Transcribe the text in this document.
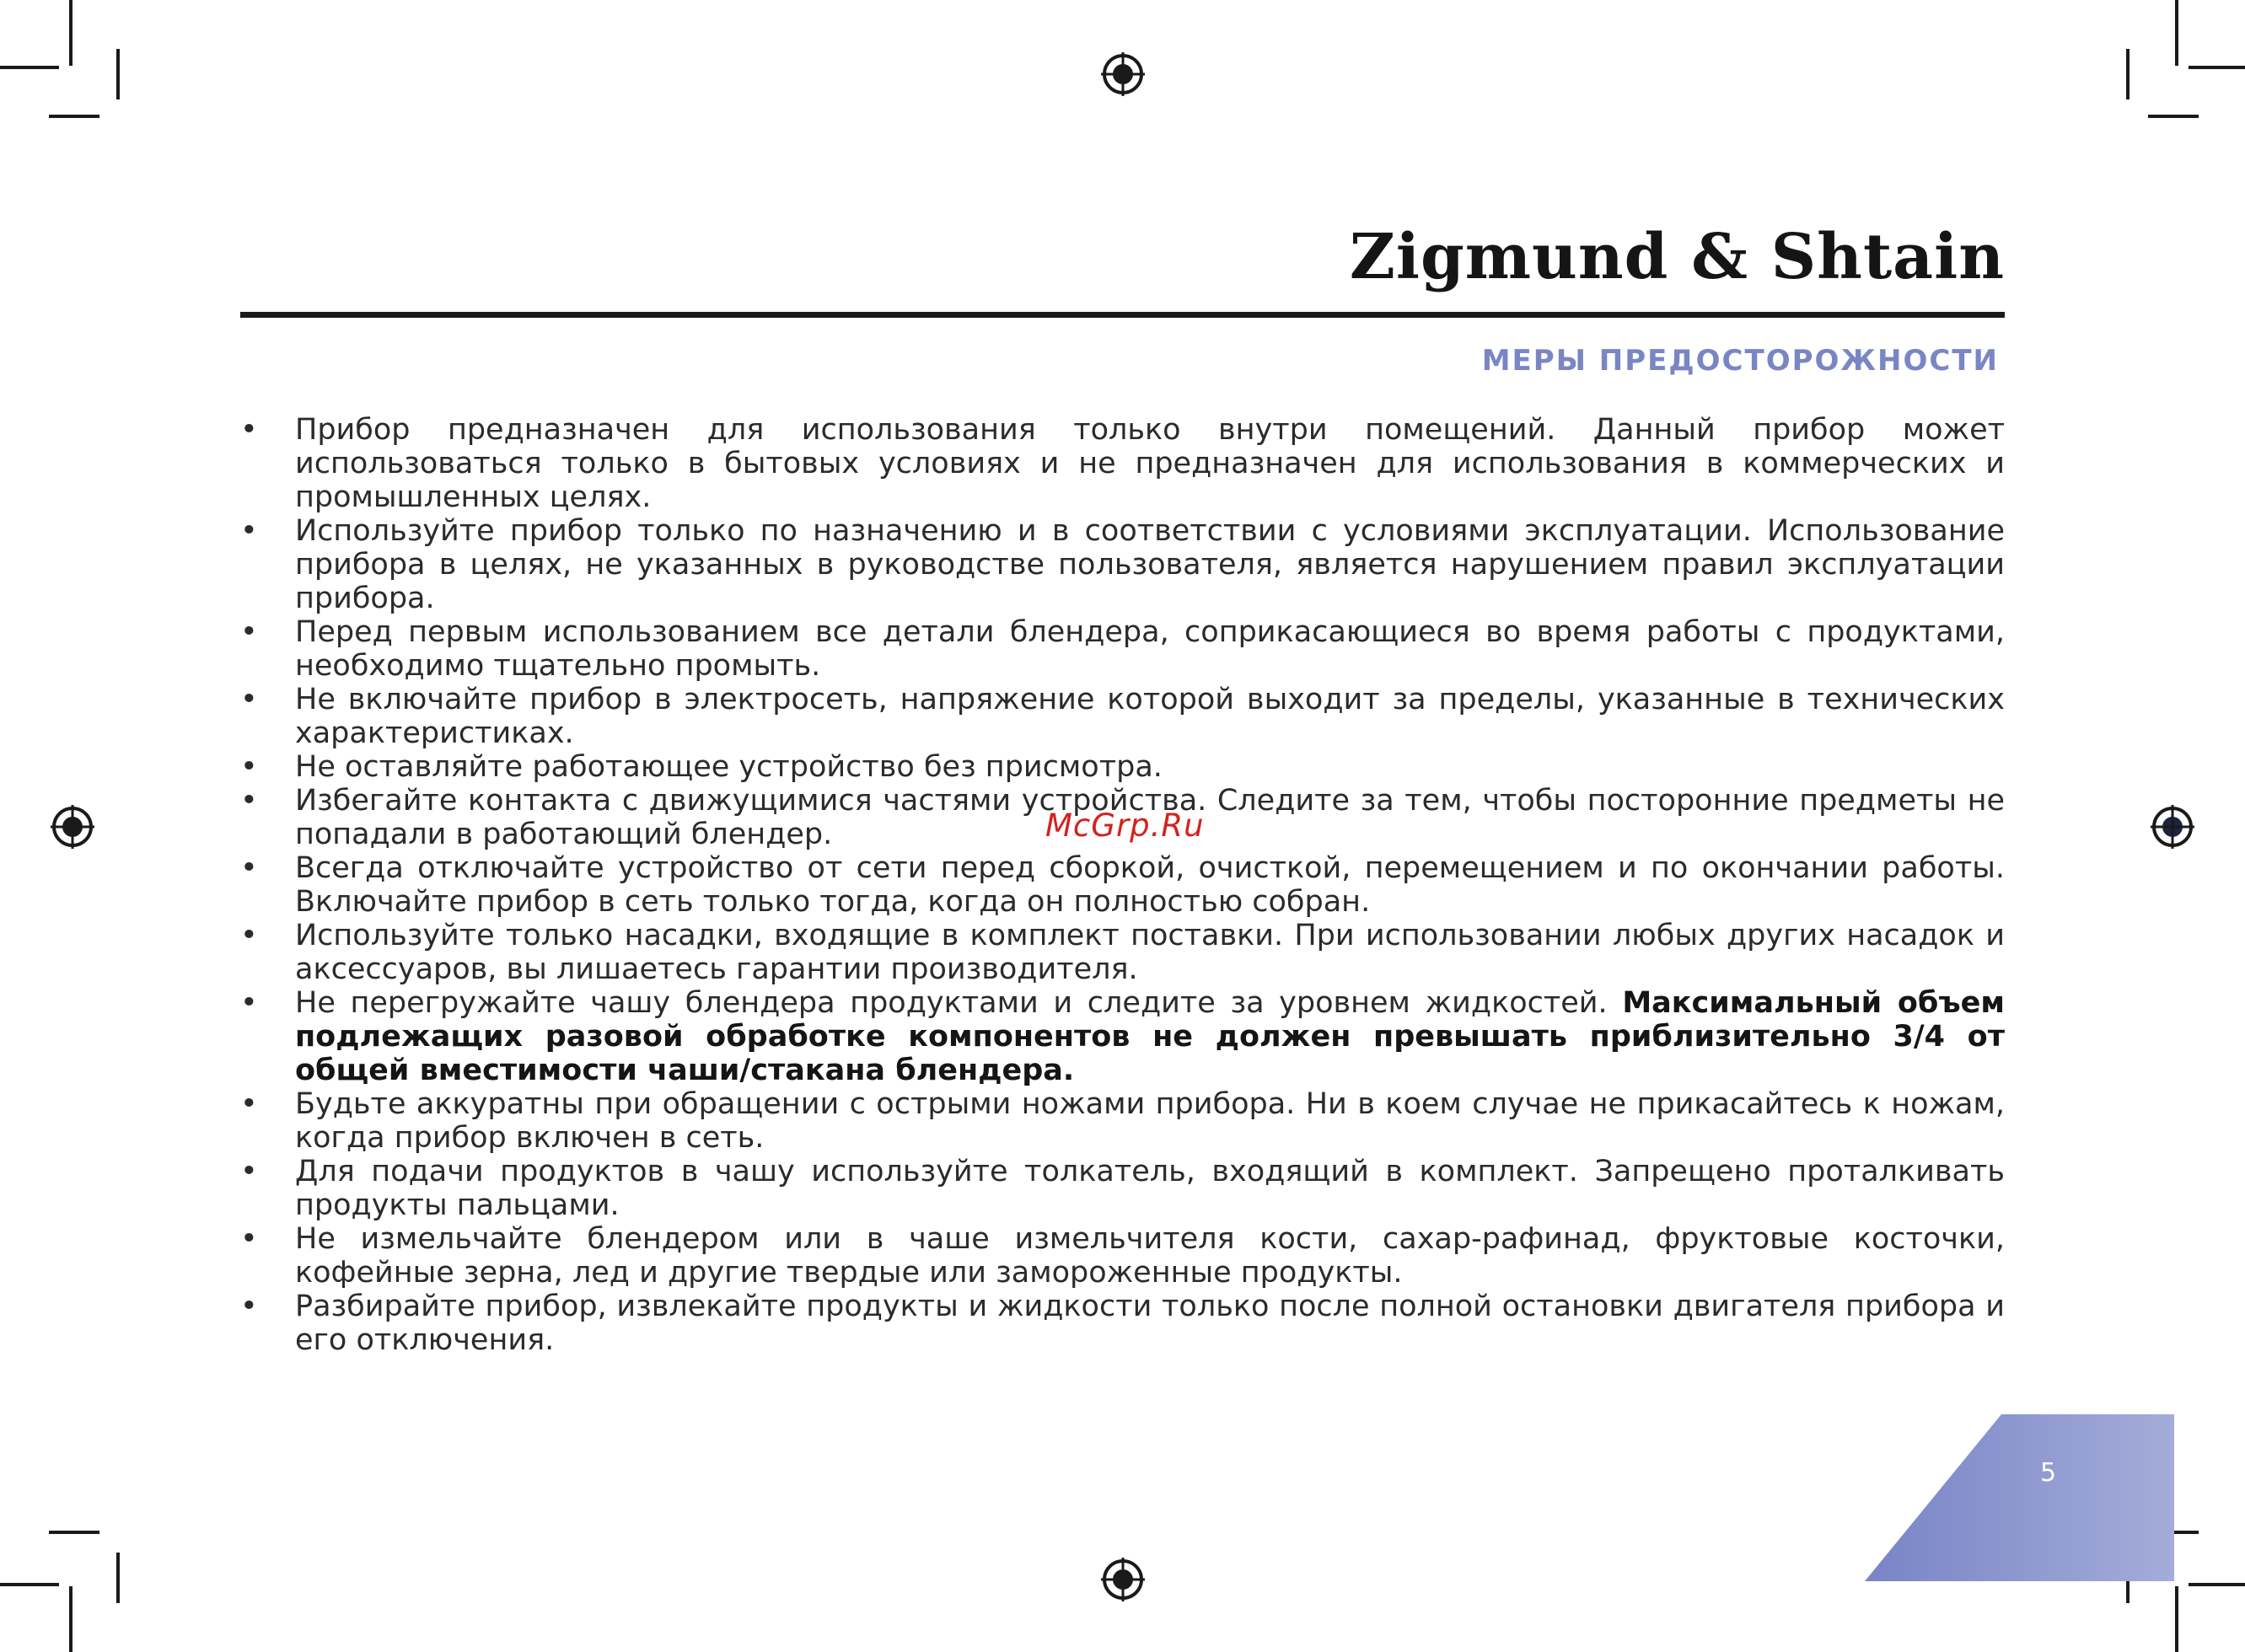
Zigmund & Shtain
МЕРЫ ПРЕДОСТОРОЖНОСТИ
• Прибор предназначен для использования только внутри помещений. Данный прибор может использоваться только в бытовых условиях и не предназначен для использования в коммерческих и промышленных целях.
• Используйте прибор только по назначению и в соответствии с условиями эксплуатации. Использование прибора в целях, не указанных в руководстве пользователя, является нарушением правил эксплуатации прибора.
• Перед первым использованием все детали блендера, соприкасающиеся во время работы с продуктами, необходимо тщательно промыть.
• Не включайте прибор в электросеть, напряжение которой выходит за пределы, указанные в технических характеристиках.
• Не оставляйте работающее устройство без присмотра.
• Избегайте контакта с движущимися частями устройства. Следите за тем, чтобы посторонние предметы не попадали в работающий блендер.
• Всегда отключайте устройство от сети перед сборкой, очисткой, перемещением и по окончании работы. Включайте прибор в сеть только тогда, когда он полностью собран.
• Используйте только насадки, входящие в комплект поставки. При использовании любых других насадок и аксессуаров, вы лишаетесь гарантии производителя.
• Не перегружайте чашу блендера продуктами и следите за уровнем жидкостей. Максимальный объем подлежащих разовой обработке компонентов не должен превышать приблизительно 3/4 от общей вместимости чаши/стакана блендера.
• Будьте аккуратны при обращении с острыми ножами прибора. Ни в коем случае не прикасайтесь к ножам, когда прибор включен в сеть.
• Для подачи продуктов в чашу используйте толкатель, входящий в комплект. Запрещено проталкивать продукты пальцами.
• Не измельчайте блендером или в чаше измельчителя кости, сахар-рафинад, фруктовые косточки, кофейные зерна, лед и другие твердые или замороженные продукты.
• Разбирайте прибор, извлекайте продукты и жидкости только после полной остановки двигателя прибора и его отключения.
McGrp.Ru
5
